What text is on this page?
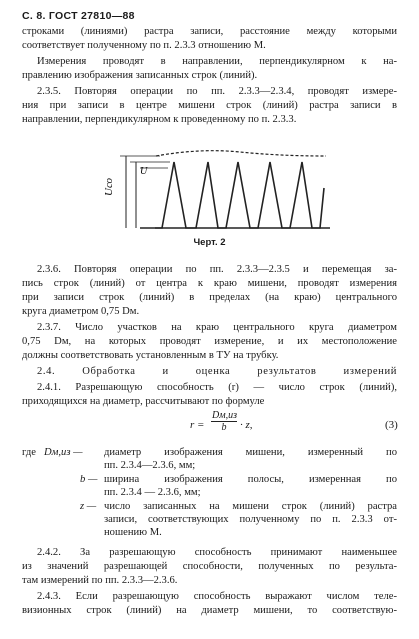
С. 8. ГОСТ 27810—88
строками (линиями) растра записи, расстояние между которыми
соответствует полученному по п. 2.3.3 отношению M.
Измерения проводят в направлении, перпендикулярном к на-
правлению изображения записанных строк (линий).
2.3.5. Повторяя операции по пп. 2.3.3—2.3.4, проводят измере-
ния при записи в центре мишени строк (линий) растра записи в
направлении, перпендикулярном к проведенному по п. 2.3.3.
Uсо
U
Черт. 2
2.3.6. Повторяя операции по пп. 2.3.3—2.3.5 и перемещая за-
пись строк (линий) от центра к краю мишени, проводят измерения
при записи строк (линий) в пределах (на краю) центрального
круга диаметром 0,75 Dм.
2.3.7. Число участков на краю центрального круга диаметром
0,75 Dм, на которых проводят измерение, и их местоположение
должны соответствовать установленным в ТУ на трубку.
2.4. Обработка и оценка результатов измерений
2.4.1. Разрешающую способность (r) — число строк (линий),
приходящихся на диаметр, рассчитывают по формуле
r =
Dм,из
b	· z,	(3)
где Dм,из — диаметр изображения мишени, измеренный по
пп. 2.3.4—2.3.6, мм;
b — ширина изображения полосы, измеренная по
пп. 2.3.4 — 2.3.6, мм;
z — число записанных на мишени строк (линий) растра
записи, соответствующих полученному по п. 2.3.3 от-
ношению M.
2.4.2. За разрешающую способность принимают наименьшее
из значений разрешающей способности, полученных по результа-
там измерений по пп. 2.3.3—2.3.6.
2.4.3. Если разрешающую способность выражают числом теле-
визионных строк (линий) на диаметр мишени, то соответствую-
